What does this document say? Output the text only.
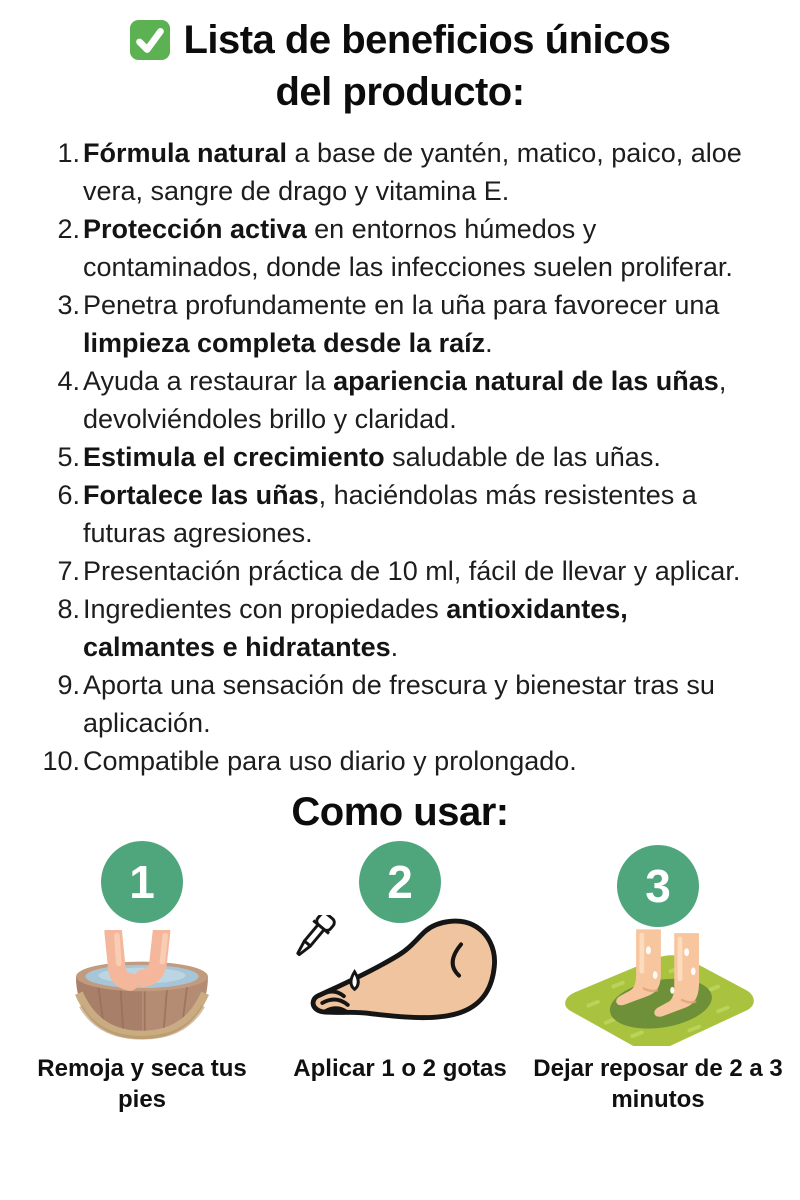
Lista de beneficios únicos
del producto:
1. Fórmula natural a base de yantén, matico, paico, aloe vera, sangre de drago y vitamina E.
2. Protección activa en entornos húmedos y contaminados, donde las infecciones suelen proliferar.
3. Penetra profundamente en la uña para favorecer una limpieza completa desde la raíz.
4. Ayuda a restaurar la apariencia natural de las uñas, devolviéndoles brillo y claridad.
5. Estimula el crecimiento saludable de las uñas.
6. Fortalece las uñas, haciéndolas más resistentes a futuras agresiones.
7. Presentación práctica de 10 ml, fácil de llevar y aplicar.
8. Ingredientes con propiedades antioxidantes, calmantes e hidratantes.
9. Aporta una sensación de frescura y bienestar tras su aplicación.
10. Compatible para uso diario y prolongado.
Como usar:
1
Remoja y seca tus pies
2
Aplicar 1 o 2 gotas
3
Dejar reposar de 2 a 3 minutos
